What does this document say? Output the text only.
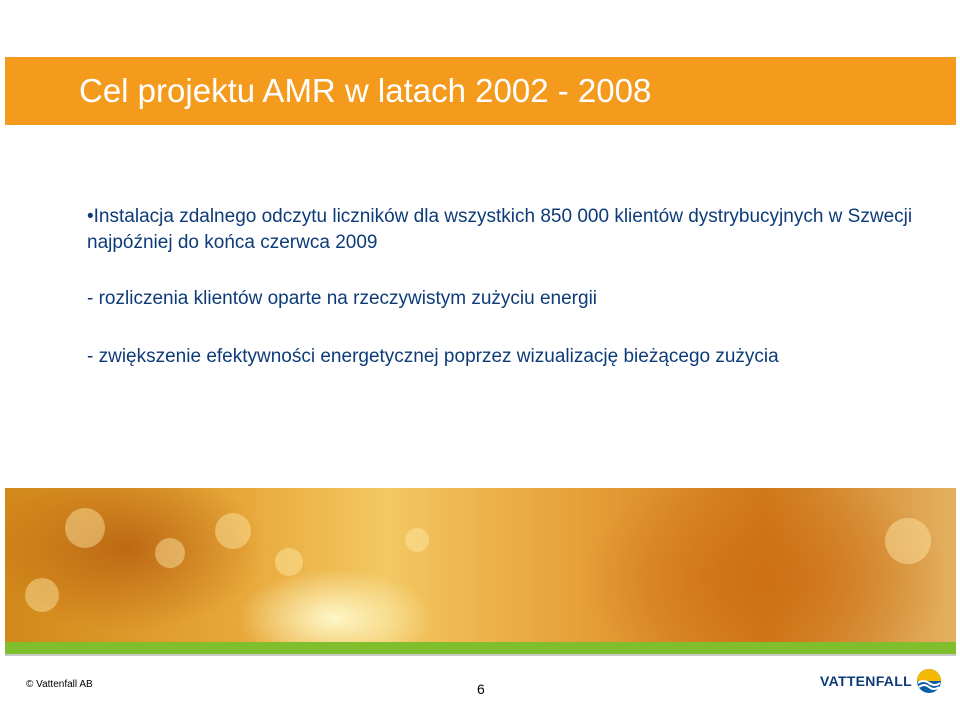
Cel projektu AMR w latach 2002 - 2008

•Instalacja zdalnego odczytu liczników dla wszystkich 850 000 klientów dystrybucyjnych w Szwecji najpóźniej do końca czerwca 2009

- rozliczenia klientów oparte na rzeczywistym zużyciu energii

- zwiększenie efektywności energetycznej poprzez wizualizację bieżącego zużycia

© Vattenfall AB	6	VATTENFALL
